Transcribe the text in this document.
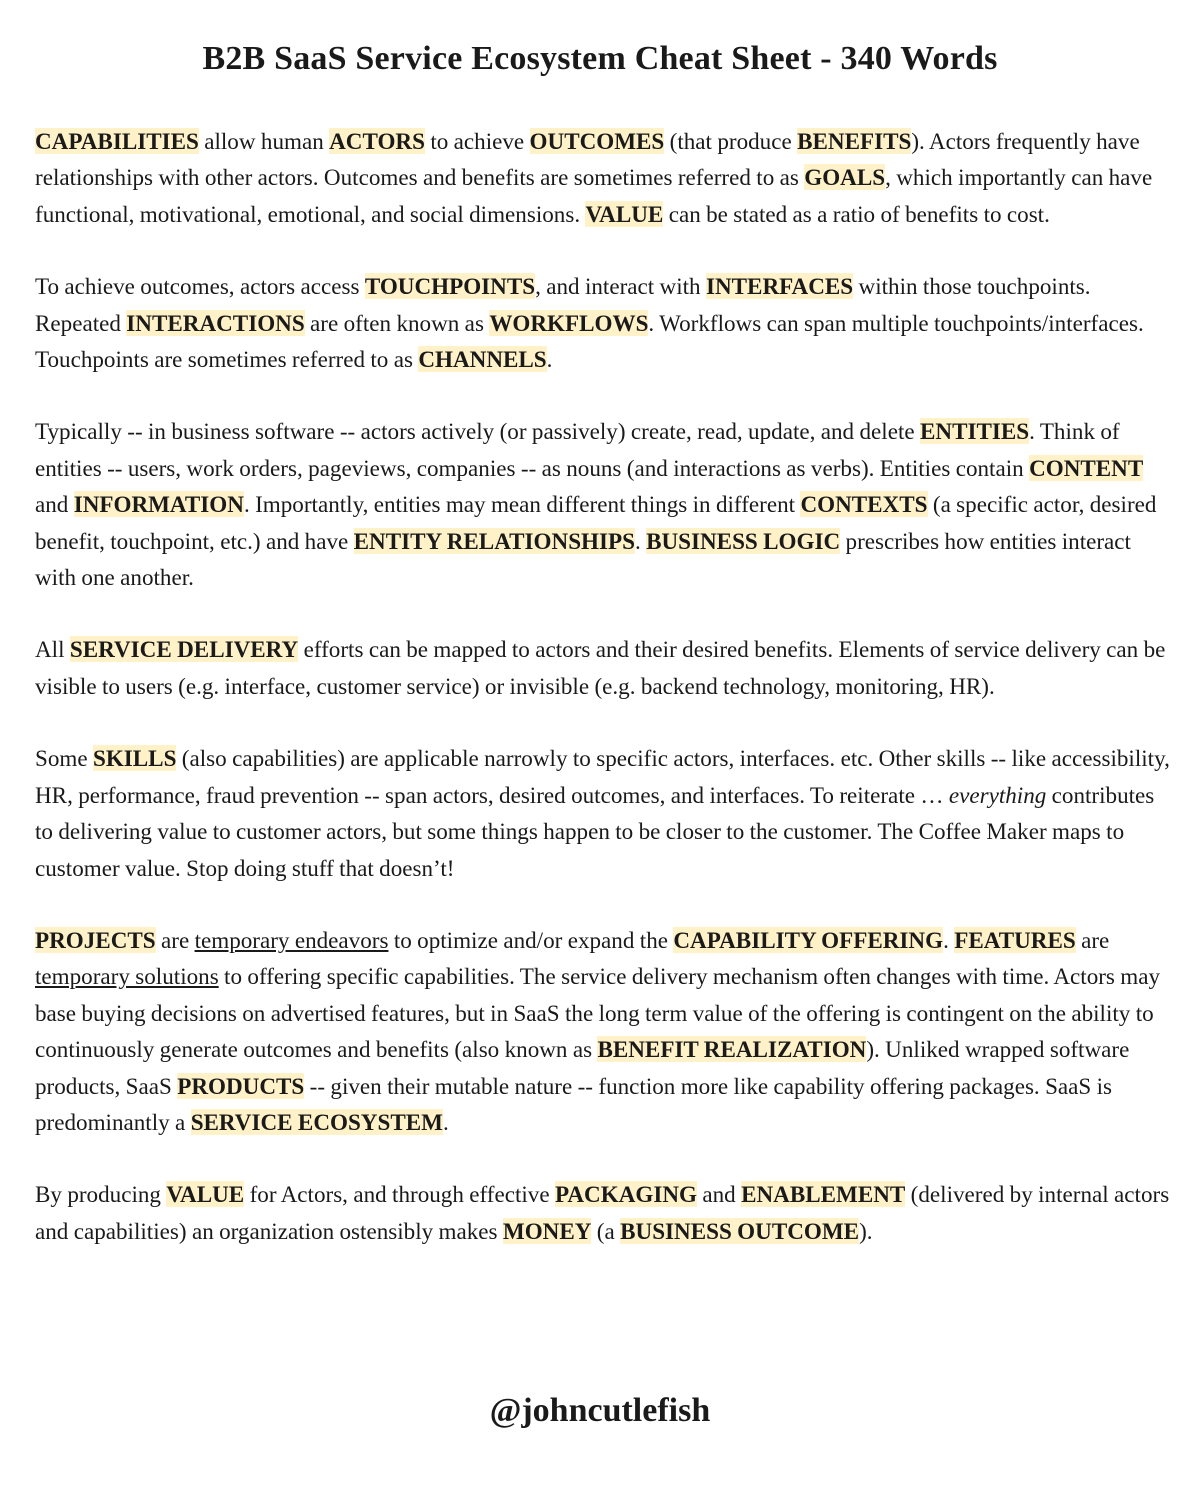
B2B SaaS Service Ecosystem Cheat Sheet - 340 Words

CAPABILITIES allow human ACTORS to achieve OUTCOMES (that produce BENEFITS). Actors frequently have relationships with other actors. Outcomes and benefits are sometimes referred to as GOALS, which importantly can have functional, motivational, emotional, and social dimensions. VALUE can be stated as a ratio of benefits to cost.

To achieve outcomes, actors access TOUCHPOINTS, and interact with INTERFACES within those touchpoints. Repeated INTERACTIONS are often known as WORKFLOWS. Workflows can span multiple touchpoints/interfaces. Touchpoints are sometimes referred to as CHANNELS.

Typically -- in business software -- actors actively (or passively) create, read, update, and delete ENTITIES. Think of entities -- users, work orders, pageviews, companies -- as nouns (and interactions as verbs). Entities contain CONTENT and INFORMATION. Importantly, entities may mean different things in different CONTEXTS (a specific actor, desired benefit, touchpoint, etc.) and have ENTITY RELATIONSHIPS. BUSINESS LOGIC prescribes how entities interact with one another.

All SERVICE DELIVERY efforts can be mapped to actors and their desired benefits. Elements of service delivery can be visible to users (e.g. interface, customer service) or invisible (e.g. backend technology, monitoring, HR).

Some SKILLS (also capabilities) are applicable narrowly to specific actors, interfaces. etc. Other skills -- like accessibility, HR, performance, fraud prevention -- span actors, desired outcomes, and interfaces. To reiterate … everything contributes to delivering value to customer actors, but some things happen to be closer to the customer. The Coffee Maker maps to customer value. Stop doing stuff that doesn’t!

PROJECTS are temporary endeavors to optimize and/or expand the CAPABILITY OFFERING. FEATURES are temporary solutions to offering specific capabilities. The service delivery mechanism often changes with time. Actors may base buying decisions on advertised features, but in SaaS the long term value of the offering is contingent on the ability to continuously generate outcomes and benefits (also known as BENEFIT REALIZATION). Unliked wrapped software products, SaaS PRODUCTS -- given their mutable nature -- function more like capability offering packages. SaaS is predominantly a SERVICE ECOSYSTEM.

By producing VALUE for Actors, and through effective PACKAGING and ENABLEMENT (delivered by internal actors and capabilities) an organization ostensibly makes MONEY (a BUSINESS OUTCOME).

@johncutlefish
